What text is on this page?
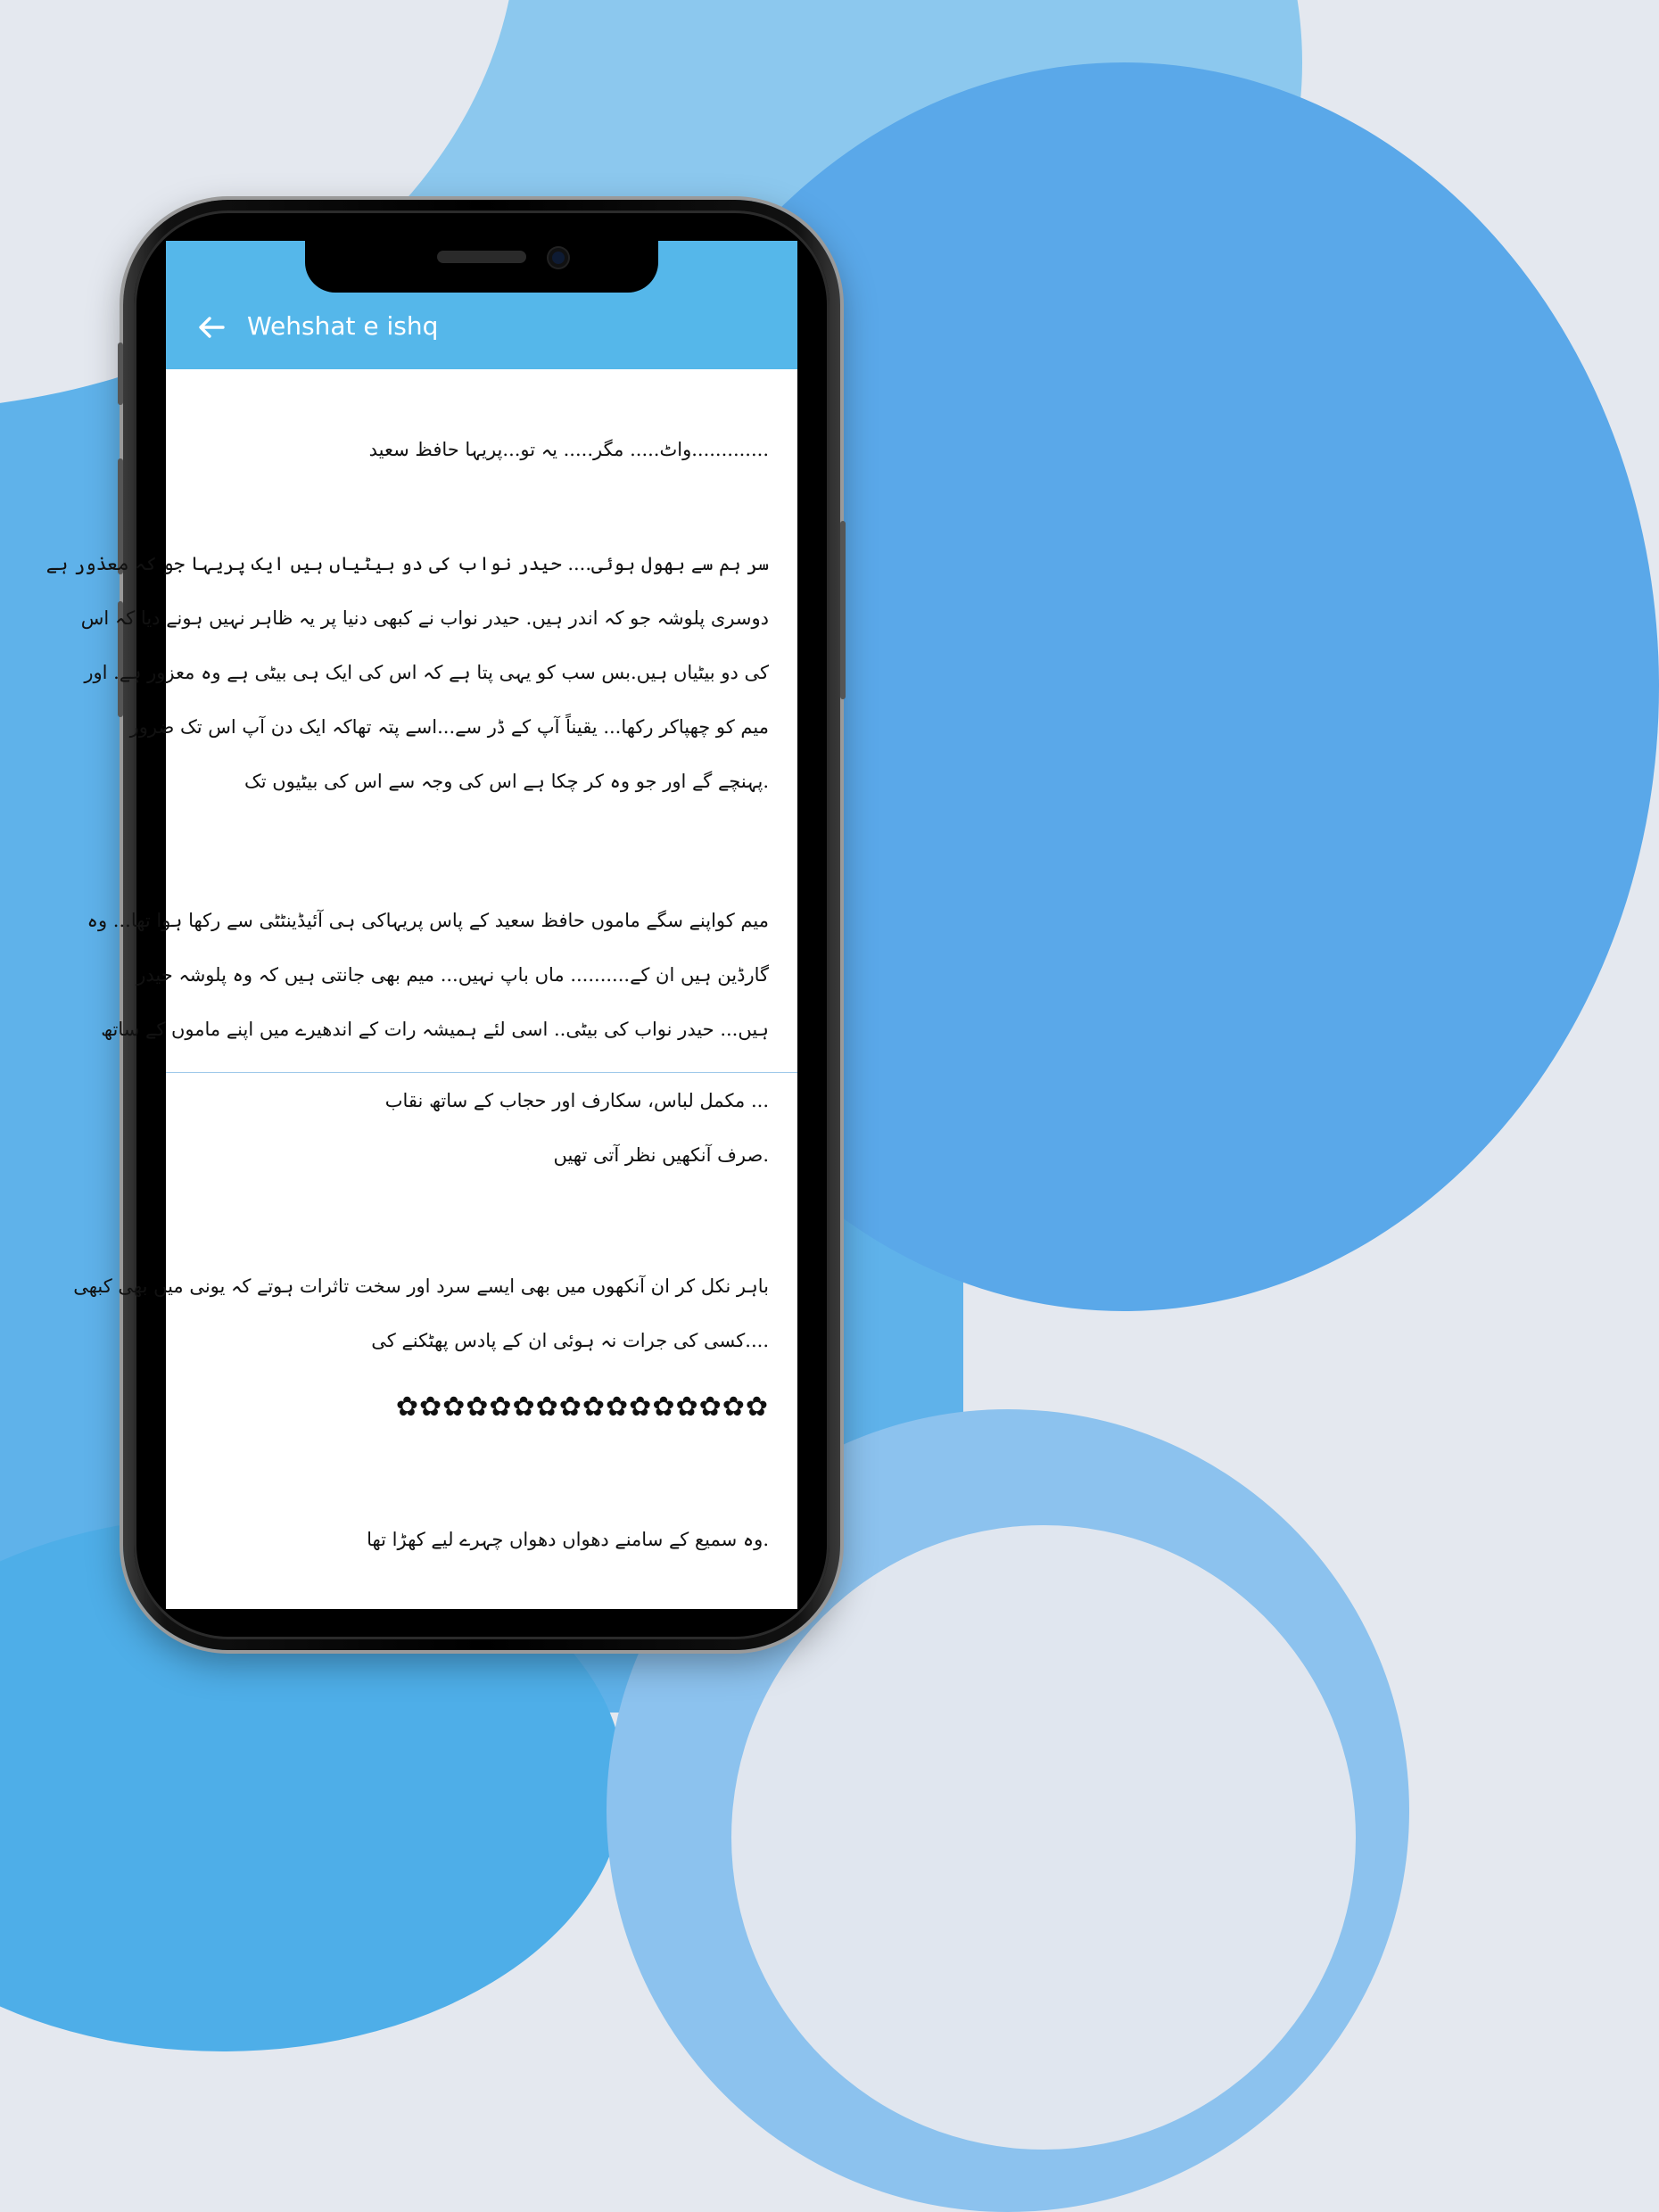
Wehshat e ishq
.............واٹ..... مگر..... یہ تو...پریہا حافظ سعید
سر ہم سے بھول ہوئی.... حیدر نواب کی دو بیٹیاں ہیں ایک پریہا جو کہ معذور ہے
دوسری پلوشہ جو کہ اندر ہیں. حیدر نواب نے کبھی دنیا پر یہ ظاہر نہیں ہونے دیا کہ اس
کی دو بیٹیاں ہیں.بس سب کو یہی پتا ہے کہ اس کی ایک ہی بیٹی ہے وہ معزور ہے. اور
میم کو چھپاکر رکھا... یقیناً آپ کے ڈر سے...اسے پتہ تھاکہ ایک دن آپ اس تک ضرور
.پہنچے گے اور جو وہ کر چکا ہے اس کی وجہ سے اس کی بیٹیوں تک
میم کواپنے سگے ماموں حافظ سعید کے پاس پریہاکی ہی آئیڈینٹٹی سے رکھا ہوا تھا... وہ
گارڈین ہیں ان کے.......... ماں باپ نہیں... میم بھی جانتی ہیں کہ وہ پلوشہ حیدر
ہیں... حیدر نواب کی بیٹی.. اسی لئے ہمیشہ رات کے اندھیرے میں اپنے ماموں کے ساتھ
... مکمل لباس، سکارف اور حجاب کے ساتھ نقاب
.صرف آنکھیں نظر آتی تھیں
باہر نکل کر ان آنکھوں میں بھی ایسے سرد اور سخت تاثرات ہوتے کہ یونی میں بھی کبھی
....کسی کی جرات نہ ہوئی ان کے پادس پھٹکنے کی
✿✿✿✿✿✿✿✿✿✿✿✿✿✿✿✿
.وہ سمیع کے سامنے دھواں دھواں چہرے لیے کھڑا تھا
